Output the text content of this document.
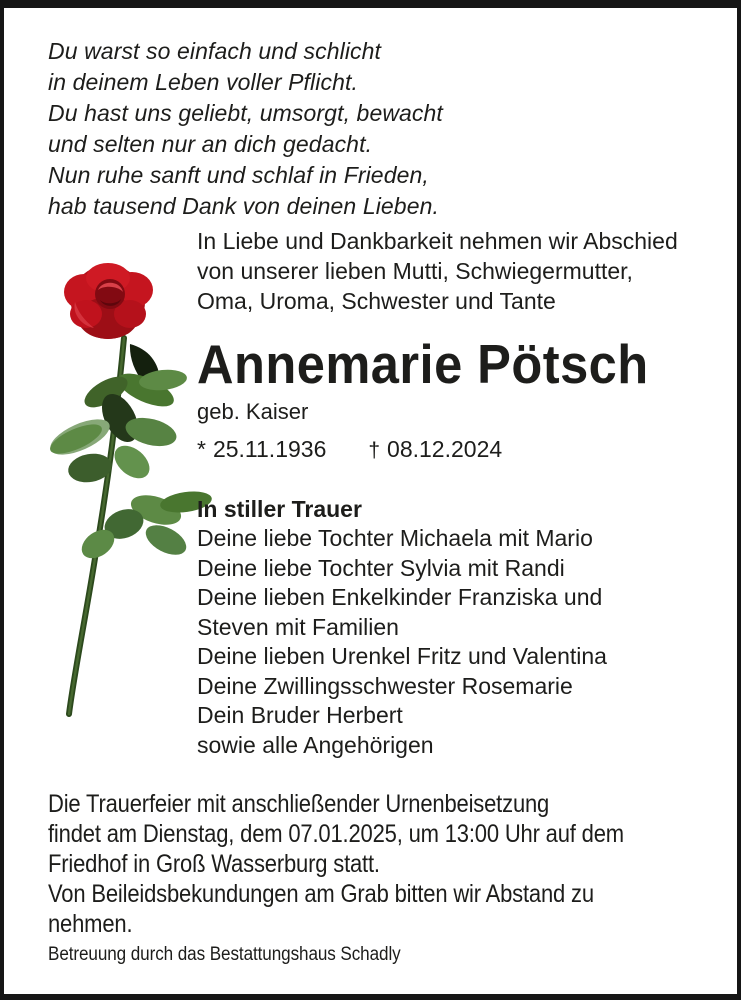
Du warst so einfach und schlicht
in deinem Leben voller Pflicht.
Du hast uns geliebt, umsorgt, bewacht
und selten nur an dich gedacht.
Nun ruhe sanft und schlaf in Frieden,
hab tausend Dank von deinen Lieben.
In Liebe und Dankbarkeit nehmen wir Abschied
von unserer lieben Mutti, Schwiegermutter,
Oma, Uroma, Schwester und Tante
Annemarie Pötsch
geb. Kaiser
* 25.11.1936 † 08.12.2024
In stiller Trauer
Deine liebe Tochter Michaela mit Mario
Deine liebe Tochter Sylvia mit Randi
Deine lieben Enkelkinder Franziska und
Steven mit Familien
Deine lieben Urenkel Fritz und Valentina
Deine Zwillingsschwester Rosemarie
Dein Bruder Herbert
sowie alle Angehörigen
Die Trauerfeier mit anschließender Urnenbeisetzung
findet am Dienstag, dem 07.01.2025, um 13:00 Uhr auf dem
Friedhof in Groß Wasserburg statt.
Von Beileidsbekundungen am Grab bitten wir Abstand zu
nehmen.
Betreuung durch das Bestattungshaus Schadly
